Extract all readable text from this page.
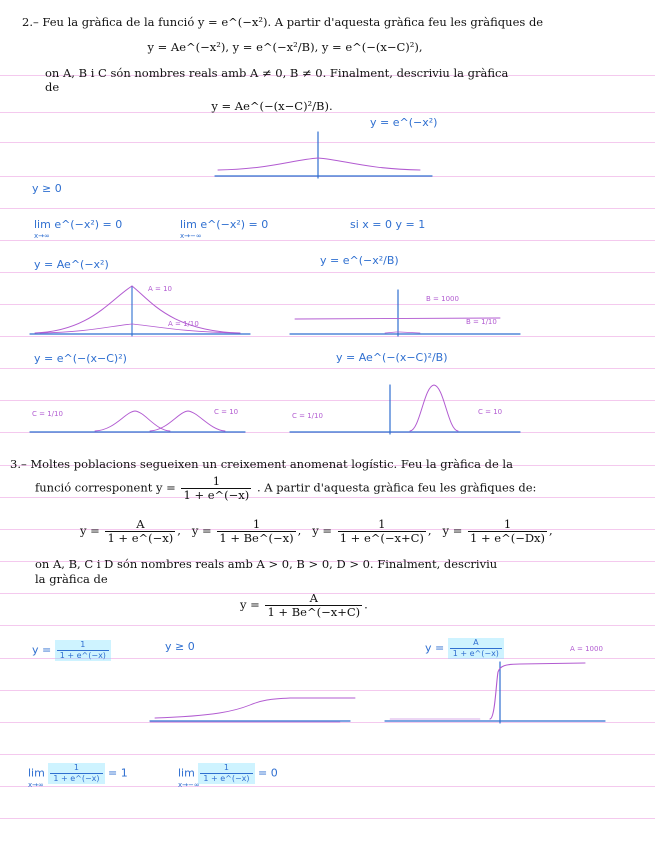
2.– Feu la gràfica de la funció y = e^(−x²). A partir d'aquesta gràfica feu les gràfiques de
y = Ae^(−x²), y = e^(−x²/B), y = e^(−(x−C)²),
on A, B i C són nombres reals amb A ≠ 0, B ≠ 0. Finalment, descriviu la gràfica
de
y = Ae^(−(x−C)²/B).
y = e^(−x²)
y ≥ 0
lim e^(−x²) = 0
x→∞
lim e^(−x²) = 0
x→−∞
si x = 0 y = 1
y = Ae^(−x²)	y = e^(−x²/B)
A = 10
A = 1/10
B = 1000
B = 1/10
y = e^(−(x−C)²)	y = Ae^(−(x−C)²/B)
C = 1/10	C = 10	C = 1/10	C = 10
3.– Moltes poblacions segueixen un creixement anomenat logístic. Feu la gràfica de la
funció corresponent $y = \frac{1}{1 + e\^{}(-x)}$ . A partir d'aquesta gràfica feu les gràfiques de:
$y = \frac{A}{1 + e\^{}(-x)}$ ,   $y = \frac{1}{1 + Be\^{}(-x)}$ ,   $y = \frac{1}{1 + e\^{}(-x+C)}$ ,   $y = \frac{1}{1 + e\^{}(-Dx)}$ ,
on A, B, C i D són nombres reals amb A > 0, B > 0, D > 0. Finalment, descriviu
la gràfica de
$y = \frac{A}{1 + Be\^{}(-x+C)}$ .
$y = \frac{1}{1 + e\^{}(-x)}$	y ≥ 0	$y = \frac{A}{1 + e\^{}(-x)}$	A = 1000
$\lim \frac{1}{1 + e\^{}(-x)} = 1$
x→∞
$\lim \frac{1}{1 + e\^{}(-x)} = 0$
x→−∞
